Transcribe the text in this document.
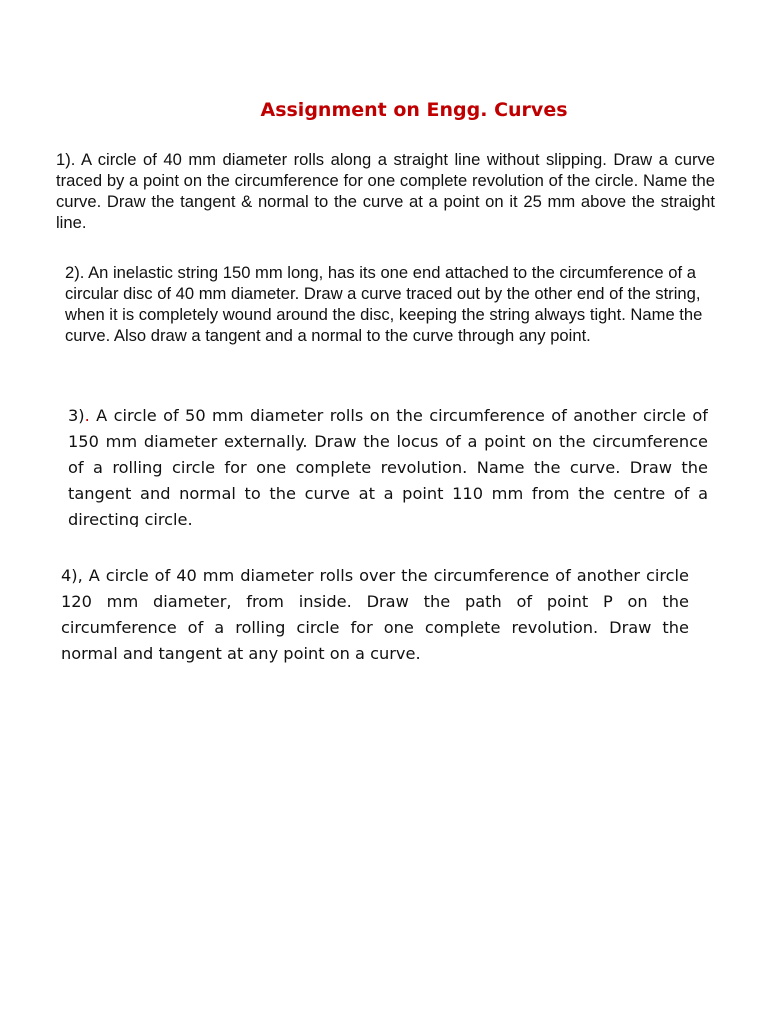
Assignment on Engg. Curves

1). A circle of 40 mm diameter rolls along a straight line without slipping. Draw a curve traced by a point on the circumference for one complete revolution of the circle. Name the curve. Draw the tangent & normal to the curve at a point on it 25 mm above the straight line.

2). An inelastic string 150 mm long, has its one end attached to the circumference of a circular disc of 40 mm diameter. Draw a curve traced out by the other end of the string, when it is completely wound around the disc, keeping the string always tight. Name the curve. Also draw a tangent and a normal to the curve through any point.

3). A circle of 50 mm diameter rolls on the circumference of another circle of 150 mm diameter externally. Draw the locus of a point on the circumference of a rolling circle for one complete revolution. Name the curve. Draw the tangent and normal to the curve at a point 110 mm from the centre of a directing circle.

4), A circle of 40 mm diameter rolls over the circumference of another circle 120 mm diameter, from inside. Draw the path of point P on the circumference of a rolling circle for one complete revolution. Draw the normal and tangent at any point on a curve.
